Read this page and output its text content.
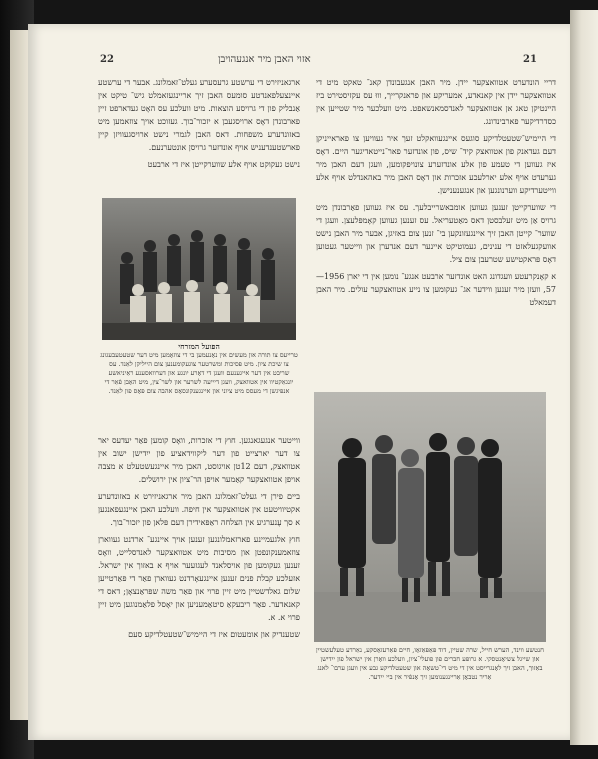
22	אזוי האבן מיר אנגעהויבן	21

דריי הונדערט אטוואצקער יידן. מיר האבן אנגעבונדן קאנ־ טאקט מיט די אטוואצקער יידן אין קאנאדע, אמעריקע און פראנקרייך, וווּ עס עקזיסטירט ביז היינטיקן טאג אן אטוואצקער לאנדסמאנשאפט. מיט וועלכער מיר שטייען אין כסדרדיקער פארבינדונג.

די היימיש־שטעטלדיקע סוגעס איינגעוואקלט זעך איר געוויען צו פאראייניקן דעם געדאנק פון אטוואצק קיד־ שיס, פון אונדזער פאר־נייטאדיגער היים. דאָס איז געווען די טעמע פון אלע אונדזערע צונויפקומען, וועגן דעם האבן מיר גערעדט אויף אלע יארלעכע אזכרות און דאָס האבן מיר באהאנדלט אויף אלע ווייטערדיקע ווערנונגען און אנגענענישן.

די שווערקייטן זענען געווען אומבאשרייבלעך. עס איז געווען פאַרבונדן מיט גרויס אַן מיט זעלבסטן דאס מאַטעריאל. עס זענען געווען קאָמפּלעצן. וועגן די שווער־ קייטן האבן זיך איינגעזונקען בי־ זנען צום באזיגן, אבער מיר האבן נישט אוועקגעלאזט די ענינים, געמוטיקט איינער דעם אנדערן און ווייטער געטוען דאָס פּראקטישע שטרעבן צום ציל.

א קאָנקרעטע וועגדונג האט אונדזער ארבעט אנגע־ נומען אין די יארן 1956—57, וועזן מיר זענען ווידער אג־ געקומען צו נייע אטוואצקער עולים. מיר האבן דעמאלט

ארגאניזירט די ערשטע גרעסערע געלט־זאמלונג. אבער די ערשטע איינצעלפאנדטע סומעס האבן זיך אריינגעזאמלט גיש־ טיקט אין אַנבליק פון די גרויסע הוצאות. מיט וועלכע עס האָט געדארפט זיין פארבונדן דאָס ארויסגעבן א יזכור־בוך. געזוכט אויך צוזאמען מיט באזונדערע משפחות. דאס האבן לגמרי נישט ארויסגעוויזן קיין פארשטענדעניש אויף אונדזער גרויסן אונטערנעם.

נישט געקוקט אויף אלע שווערקייטן איז די ארבעט

הפועל המזרחי
טרייעס צו תורה און מעשים אין נאָנעמען בי די צוזאָמען מיט דער שטעטעבעגונג צו שיכת ציון. מיט פּסיכות ומשרטער צוגעקומענען צום הייליקן לאַנד. עס שריבט אין דער אייגענעם וועגן די דאָרע יונגע און דערוואסענע ראַיניאשע יונגאַקטיוו אין אטוואצק, וועגן דיייעה לשרער און לשר־צין, מיט האָבן פֿאַר די אנפּיגשן די מעסס מיט ציוני און איינגענקונסאָס אהבה צום פּאָס פון לאַנד.

ווייטער אנגעגאנגען. חוץ די אזכרות, וואָס קומען פאַר יעדעס יאר צו דער יארצייט פון דער ליקווידאציע פון ייִדישן ישוב אין אטוואצק, דעם 12טן אויגוסט, האבן מיר איינגעשטעלט א מצבה אויפן אטוואצקער קאַמער אויפן הר־ציון אין ירושלים.

ביים פירן די געלט־זאמלונג האבן מיר ארגאניזירט א באזונדערע אקטיוויטעט אין אטוואצקער אין חיפה. וועלכע האבן איינגעפאנגען א סך עֶנערגיע אין הצלחה ראַפּאידירן דעם פּלאן פון יזכור־בוך.

חוץ אלגעמיינע פארזאמלונגען זענען אויך איינגע־ ארדנט געווארן צוזאמענקונפטן און מסיבות מיט אטוואצקער לאנדסלייט, וואָס זענען געקומען פון אויסלאנד לעגזעער אויף א באזוך אין ישראל. אזעלכע קבלת פנים זענען איינגעאָרדנט געווארן פאַר די פּאַרטייען שלום גאלדשטיין מיט זיין פרוי און פאַר משה שפּראַנצאָן; דאס די קאנאדער. פאַר ריבעקאַ סיטאַמעניען און יאָסל פלאַמנוגען מיט זיין פרוי א. א.

שטענדיק און אומעטום איז די היימיש־שטעטלדיקע סעם

חנטשע ווינד, הערש חייל, שרה שטיין, דוד פּאַפּאַזאָו, חיים פּאַרעזאָסקע, נאַרדע טעלעשטיין און שייגל צשיאָנטסקי. א גרופּע חברים פון פועלי־ציון, וועלכע וואָרן אין ישראל פון ייִדישן באַזוך, האבן זיך לאָנגרייסט אין די מיט די־טשאָה און שטעטלדיקע גבע אין וועגן ערבו־ לאנג אַריר נטבאָן אַריינגענומען זיך אָנפֿיר אין ביי ייִדער.
